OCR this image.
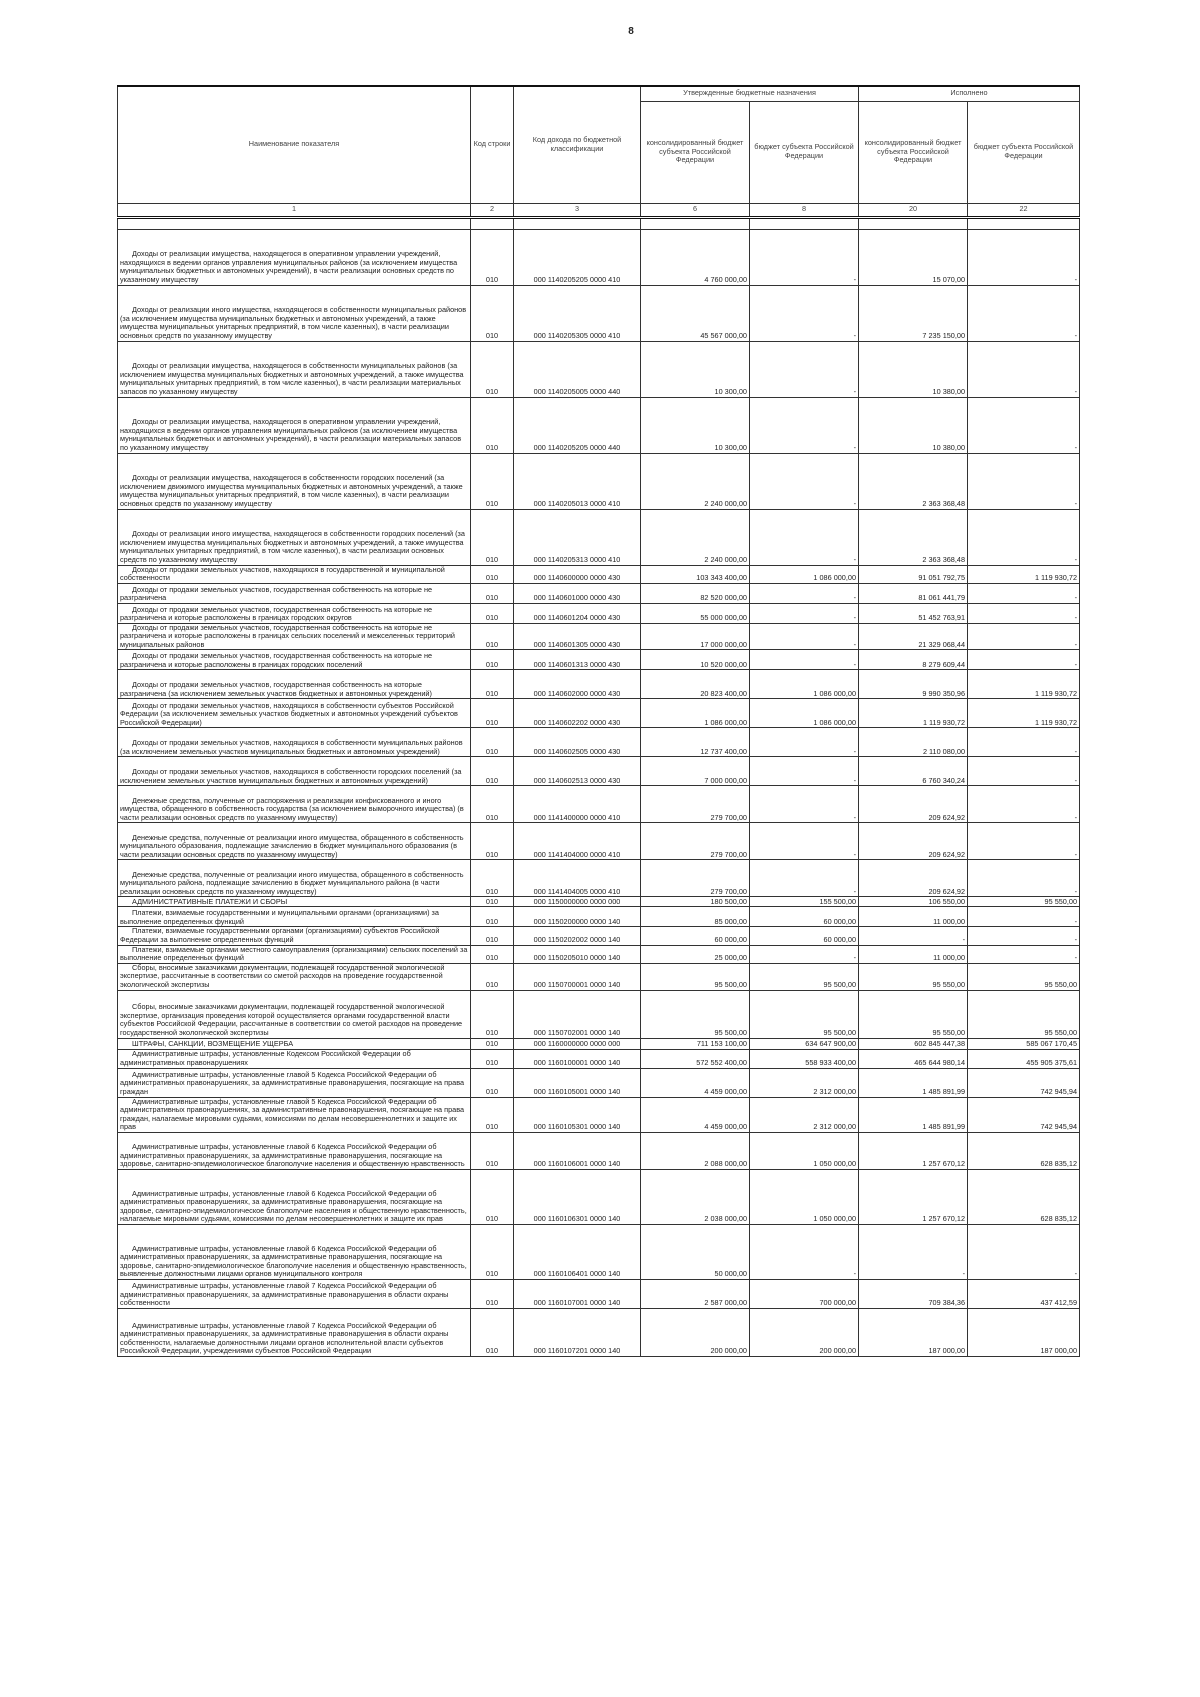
8
Наименование показателя	Код строки	Код дохода по бюджетной классификации	Утвержденные бюджетные назначения		Исполнено	
			консолидированный бюджет субъекта Российской Федерации	бюджет субъекта Российской Федерации	консолидированный бюджет субъекта Российской Федерации	бюджет субъекта Российской Федерации
1	2	3	6	8	20	22

Доходы от реализации имущества, находящегося в оперативном управлении учреждений, находящихся в ведении органов управления муниципальных районов (за исключением имущества муниципальных бюджетных и автономных учреждений), в части реализации основных средств по указанному имуществу	010	000 1140205205 0000 410	4 760 000,00	-	15 070,00	-
Доходы от реализации иного имущества, находящегося в собственности муниципальных районов (за исключением имущества муниципальных бюджетных и автономных учреждений, а также имущества муниципальных унитарных предприятий, в том числе казенных), в части реализации основных средств по указанному имуществу	010	000 1140205305 0000 410	45 567 000,00	-	7 235 150,00	-
Доходы от реализации имущества, находящегося в собственности муниципальных районов (за исключением имущества муниципальных бюджетных и автономных учреждений, а также имущества муниципальных унитарных предприятий, в том числе казенных), в части реализации материальных запасов по указанному имуществу	010	000 1140205005 0000 440	10 300,00	-	10 380,00	-
Доходы от реализации имущества, находящегося в оперативном управлении учреждений, находящихся в ведении органов управления муниципальных районов (за исключением имущества муниципальных бюджетных и автономных учреждений), в части реализации материальных запасов по указанному имуществу	010	000 1140205205 0000 440	10 300,00	-	10 380,00	-
Доходы от реализации имущества, находящегося в собственности городских поселений (за исключением движимого имущества муниципальных бюджетных и автономных учреждений, а также имущества муниципальных унитарных предприятий, в том числе казенных), в части реализации основных средств по указанному имуществу	010	000 1140205013 0000 410	2 240 000,00	-	2 363 368,48	-
Доходы от реализации иного имущества, находящегося в собственности городских поселений (за исключением имущества муниципальных бюджетных и автономных учреждений, а также имущества муниципальных унитарных предприятий, в том числе казенных), в части реализации основных средств по указанному имуществу	010	000 1140205313 0000 410	2 240 000,00	-	2 363 368,48	-
Доходы от продажи земельных участков, находящихся в государственной и муниципальной собственности	010	000 1140600000 0000 430	103 343 400,00	1 086 000,00	91 051 792,75	1 119 930,72
Доходы от продажи земельных участков, государственная собственность на которые не разграничена	010	000 1140601000 0000 430	82 520 000,00	-	81 061 441,79	-
Доходы от продажи земельных участков, государственная собственность на которые не разграничена и которые расположены в границах городских округов	010	000 1140601204 0000 430	55 000 000,00	-	51 452 763,91	-
Доходы от продажи земельных участков, государственная собственность на которые не разграничена и которые расположены в границах сельских поселений и межселенных территорий муниципальных районов	010	000 1140601305 0000 430	17 000 000,00	-	21 329 068,44	-
Доходы от продажи земельных участков, государственная собственность на которые не разграничена и которые расположены в границах городских поселений	010	000 1140601313 0000 430	10 520 000,00	-	8 279 609,44	-
Доходы от продажи земельных участков, государственная собственность на которые разграничена (за исключением земельных участков бюджетных и автономных учреждений)	010	000 1140602000 0000 430	20 823 400,00	1 086 000,00	9 990 350,96	1 119 930,72
Доходы от продажи земельных участков, находящихся в собственности субъектов Российской Федерации (за исключением земельных участков бюджетных и автономных учреждений субъектов Российской Федерации)	010	000 1140602202 0000 430	1 086 000,00	1 086 000,00	1 119 930,72	1 119 930,72
Доходы от продажи земельных участков, находящихся в собственности муниципальных районов (за исключением земельных участков муниципальных бюджетных и автономных учреждений)	010	000 1140602505 0000 430	12 737 400,00	-	2 110 080,00	-
Доходы от продажи земельных участков, находящихся в собственности городских поселений (за исключением земельных участков муниципальных бюджетных и автономных учреждений)	010	000 1140602513 0000 430	7 000 000,00	-	6 760 340,24	-
Денежные средства, полученные от распоряжения и реализации конфискованного и иного имущества, обращенного в собственность государства (за исключением выморочного имущества) (в части реализации основных средств по указанному имуществу)	010	000 1141400000 0000 410	279 700,00	-	209 624,92	-
Денежные средства, полученные от реализации иного имущества, обращенного в собственность муниципального образования, подлежащие зачислению в бюджет муниципального образования (в части реализации основных средств по указанному имуществу)	010	000 1141404000 0000 410	279 700,00	-	209 624,92	-
Денежные средства, полученные от реализации иного имущества, обращенного в собственность муниципального района, подлежащие зачислению в бюджет муниципального района (в части реализации основных средств по указанному имуществу)	010	000 1141404005 0000 410	279 700,00	-	209 624,92	-
АДМИНИСТРАТИВНЫЕ ПЛАТЕЖИ И СБОРЫ	010	000 1150000000 0000 000	180 500,00	155 500,00	106 550,00	95 550,00
Платежи, взимаемые государственными и муниципальными органами (организациями) за выполнение определенных функций	010	000 1150200000 0000 140	85 000,00	60 000,00	11 000,00	-
Платежи, взимаемые государственными органами (организациями) субъектов Российской Федерации за выполнение определенных функций	010	000 1150202002 0000 140	60 000,00	60 000,00	-	-
Платежи, взимаемые органами местного самоуправления (организациями) сельских поселений за выполнение определенных функций	010	000 1150205010 0000 140	25 000,00	-	11 000,00	-
Сборы, вносимые заказчиками документации, подлежащей государственной экологической экспертизе, рассчитанные в соответствии со сметой расходов на проведение государственной экологической экспертизы	010	000 1150700001 0000 140	95 500,00	95 500,00	95 550,00	95 550,00
Сборы, вносимые заказчиками документации, подлежащей государственной экологической экспертизе, организация проведения которой осуществляется органами государственной власти субъектов Российской Федерации, рассчитанные в соответствии со сметой расходов на проведение государственной экологической экспертизы	010	000 1150702001 0000 140	95 500,00	95 500,00	95 550,00	95 550,00
ШТРАФЫ, САНКЦИИ, ВОЗМЕЩЕНИЕ УЩЕРБА	010	000 1160000000 0000 000	711 153 100,00	634 647 900,00	602 845 447,38	585 067 170,45
Административные штрафы, установленные Кодексом Российской Федерации об административных правонарушениях	010	000 1160100001 0000 140	572 552 400,00	558 933 400,00	465 644 980,14	455 905 375,61
Административные штрафы, установленные главой 5 Кодекса Российской Федерации об административных правонарушениях, за административные правонарушения, посягающие на права граждан	010	000 1160105001 0000 140	4 459 000,00	2 312 000,00	1 485 891,99	742 945,94
Административные штрафы, установленные главой 5 Кодекса Российской Федерации об административных правонарушениях, за административные правонарушения, посягающие на права граждан, налагаемые мировыми судьями, комиссиями по делам несовершеннолетних и защите их прав	010	000 1160105301 0000 140	4 459 000,00	2 312 000,00	1 485 891,99	742 945,94
Административные штрафы, установленные главой 6 Кодекса Российской Федерации об административных правонарушениях, за административные правонарушения, посягающие на здоровье, санитарно-эпидемиологическое благополучие населения и общественную нравственность	010	000 1160106001 0000 140	2 088 000,00	1 050 000,00	1 257 670,12	628 835,12
Административные штрафы, установленные главой 6 Кодекса Российской Федерации об административных правонарушениях, за административные правонарушения, посягающие на здоровье, санитарно-эпидемиологическое благополучие населения и общественную нравственность, налагаемые мировыми судьями, комиссиями по делам несовершеннолетних и защите их прав	010	000 1160106301 0000 140	2 038 000,00	1 050 000,00	1 257 670,12	628 835,12
Административные штрафы, установленные главой 6 Кодекса Российской Федерации об административных правонарушениях, за административные правонарушения, посягающие на здоровье, санитарно-эпидемиологическое благополучие населения и общественную нравственность, выявленные должностными лицами органов муниципального контроля	010	000 1160106401 0000 140	50 000,00	-	-	-
Административные штрафы, установленные главой 7 Кодекса Российской Федерации об административных правонарушениях, за административные правонарушения в области охраны собственности	010	000 1160107001 0000 140	2 587 000,00	700 000,00	709 384,36	437 412,59
Административные штрафы, установленные главой 7 Кодекса Российской Федерации об административных правонарушениях, за административные правонарушения в области охраны собственности, налагаемые должностными лицами органов исполнительной власти субъектов Российской Федерации, учреждениями субъектов Российской Федерации	010	000 1160107201 0000 140	200 000,00	200 000,00	187 000,00	187 000,00
